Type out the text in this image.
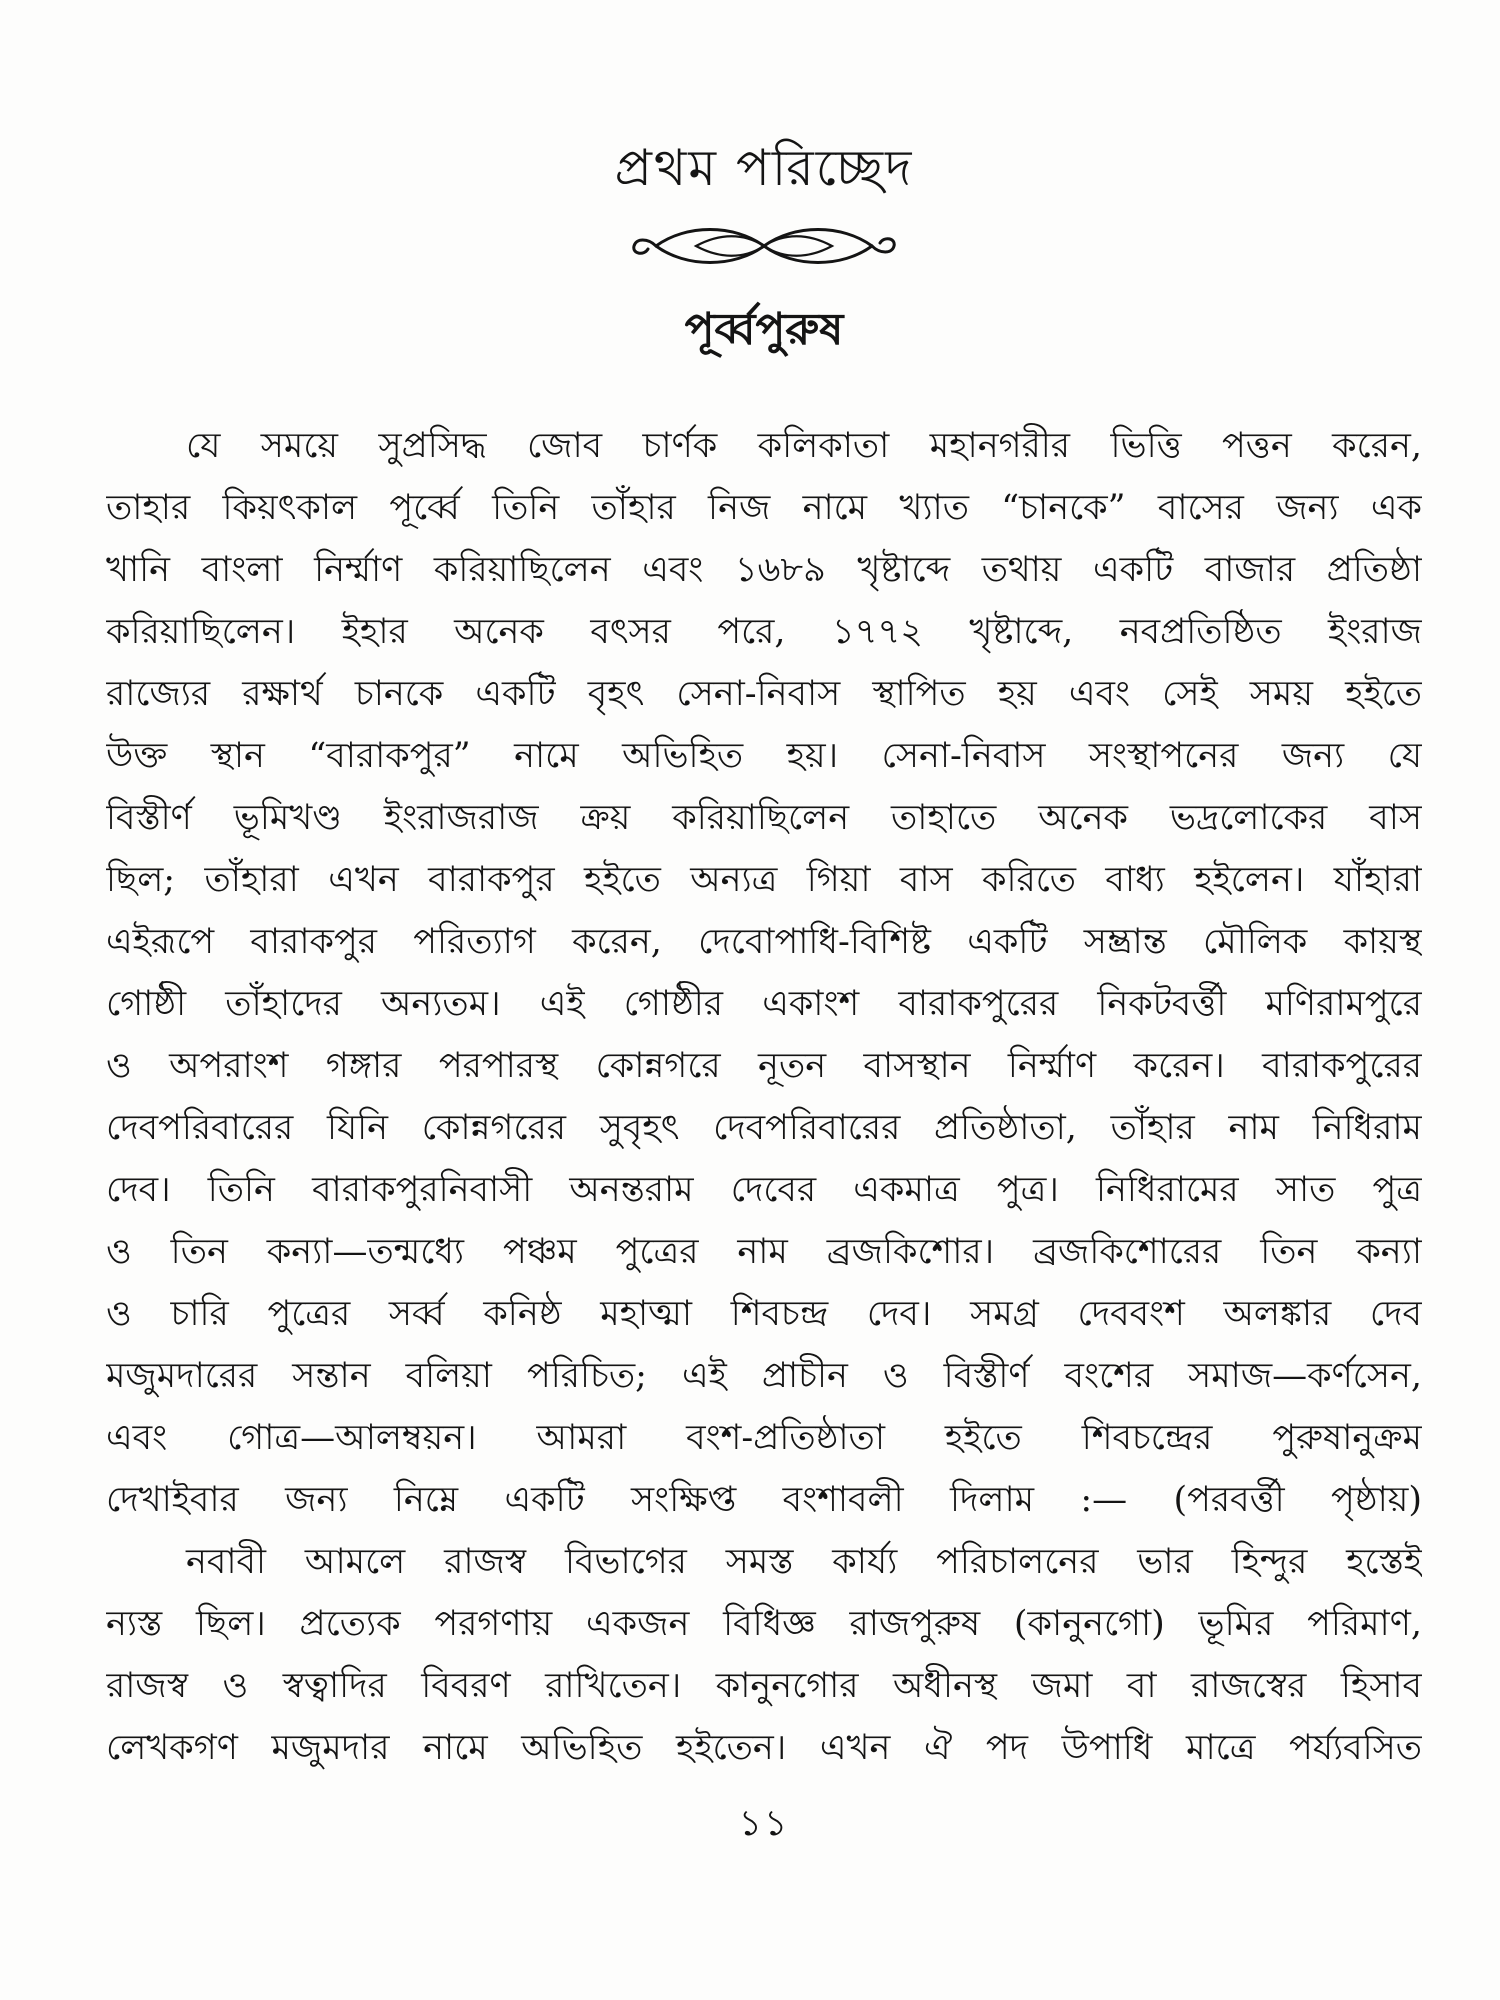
প্রথম পরিচ্ছেদ
পূর্ব্বপুরুষ
যে সময়ে সুপ্রসিদ্ধ জোব চার্ণক কলিকাতা মহানগরীর ভিত্তি পত্তন করেন,
তাহার কিয়ৎকাল পূর্ব্বে তিনি তাঁহার নিজ নামে খ্যাত “চানকে” বাসের জন্য এক
খানি বাংলা নির্ম্মাণ করিয়াছিলেন এবং ১৬৮৯ খৃষ্টাব্দে তথায় একটি বাজার প্রতিষ্ঠা
করিয়াছিলেন। ইহার অনেক বৎসর পরে, ১৭৭২ খৃষ্টাব্দে, নবপ্রতিষ্ঠিত ইংরাজ
রাজ্যের রক্ষার্থ চানকে একটি বৃহৎ সেনা-নিবাস স্থাপিত হয় এবং সেই সময় হইতে
উক্ত স্থান “বারাকপুর” নামে অভিহিত হয়। সেনা-নিবাস সংস্থাপনের জন্য যে
বিস্তীর্ণ ভূমিখণ্ড ইংরাজরাজ ক্রয় করিয়াছিলেন তাহাতে অনেক ভদ্রলোকের বাস
ছিল; তাঁহারা এখন বারাকপুর হইতে অন্যত্র গিয়া বাস করিতে বাধ্য হইলেন। যাঁহারা
এইরূপে বারাকপুর পরিত্যাগ করেন, দেবোপাধি-বিশিষ্ট একটি সম্ভ্রান্ত মৌলিক কায়স্থ
গোষ্ঠী তাঁহাদের অন্যতম। এই গোষ্ঠীর একাংশ বারাকপুরের নিকটবর্ত্তী মণিরামপুরে
ও অপরাংশ গঙ্গার পরপারস্থ কোন্নগরে নূতন বাসস্থান নির্ম্মাণ করেন। বারাকপুরের
দেবপরিবারের যিনি কোন্নগরের সুবৃহৎ দেবপরিবারের প্রতিষ্ঠাতা, তাঁহার নাম নিধিরাম
দেব। তিনি বারাকপুরনিবাসী অনন্তরাম দেবের একমাত্র পুত্র। নিধিরামের সাত পুত্র
ও তিন কন্যা—তন্মধ্যে পঞ্চম পুত্রের নাম ব্রজকিশোর। ব্রজকিশোরের তিন কন্যা
ও চারি পুত্রের সর্ব্ব কনিষ্ঠ মহাত্মা শিবচন্দ্র দেব। সমগ্র দেববংশ অলঙ্কার দেব
মজুমদারের সন্তান বলিয়া পরিচিত; এই প্রাচীন ও বিস্তীর্ণ বংশের সমাজ—কর্ণসেন,
এবং গোত্র—আলম্বয়ন। আমরা বংশ-প্রতিষ্ঠাতা হইতে শিবচন্দ্রের পুরুষানুক্রম
দেখাইবার জন্য নিম্নে একটি সংক্ষিপ্ত বংশাবলী দিলাম :— (পরবর্ত্তী পৃষ্ঠায়)
নবাবী আমলে রাজস্ব বিভাগের সমস্ত কার্য্য পরিচালনের ভার হিন্দুর হস্তেই
ন্যস্ত ছিল। প্রত্যেক পরগণায় একজন বিধিজ্ঞ রাজপুরুষ (কানুনগো) ভূমির পরিমাণ,
রাজস্ব ও স্বত্বাদির বিবরণ রাখিতেন। কানুনগোর অধীনস্থ জমা বা রাজস্বের হিসাব
লেখকগণ মজুমদার নামে অভিহিত হইতেন। এখন ঐ পদ উপাধি মাত্রে পর্য্যবসিত
১১
